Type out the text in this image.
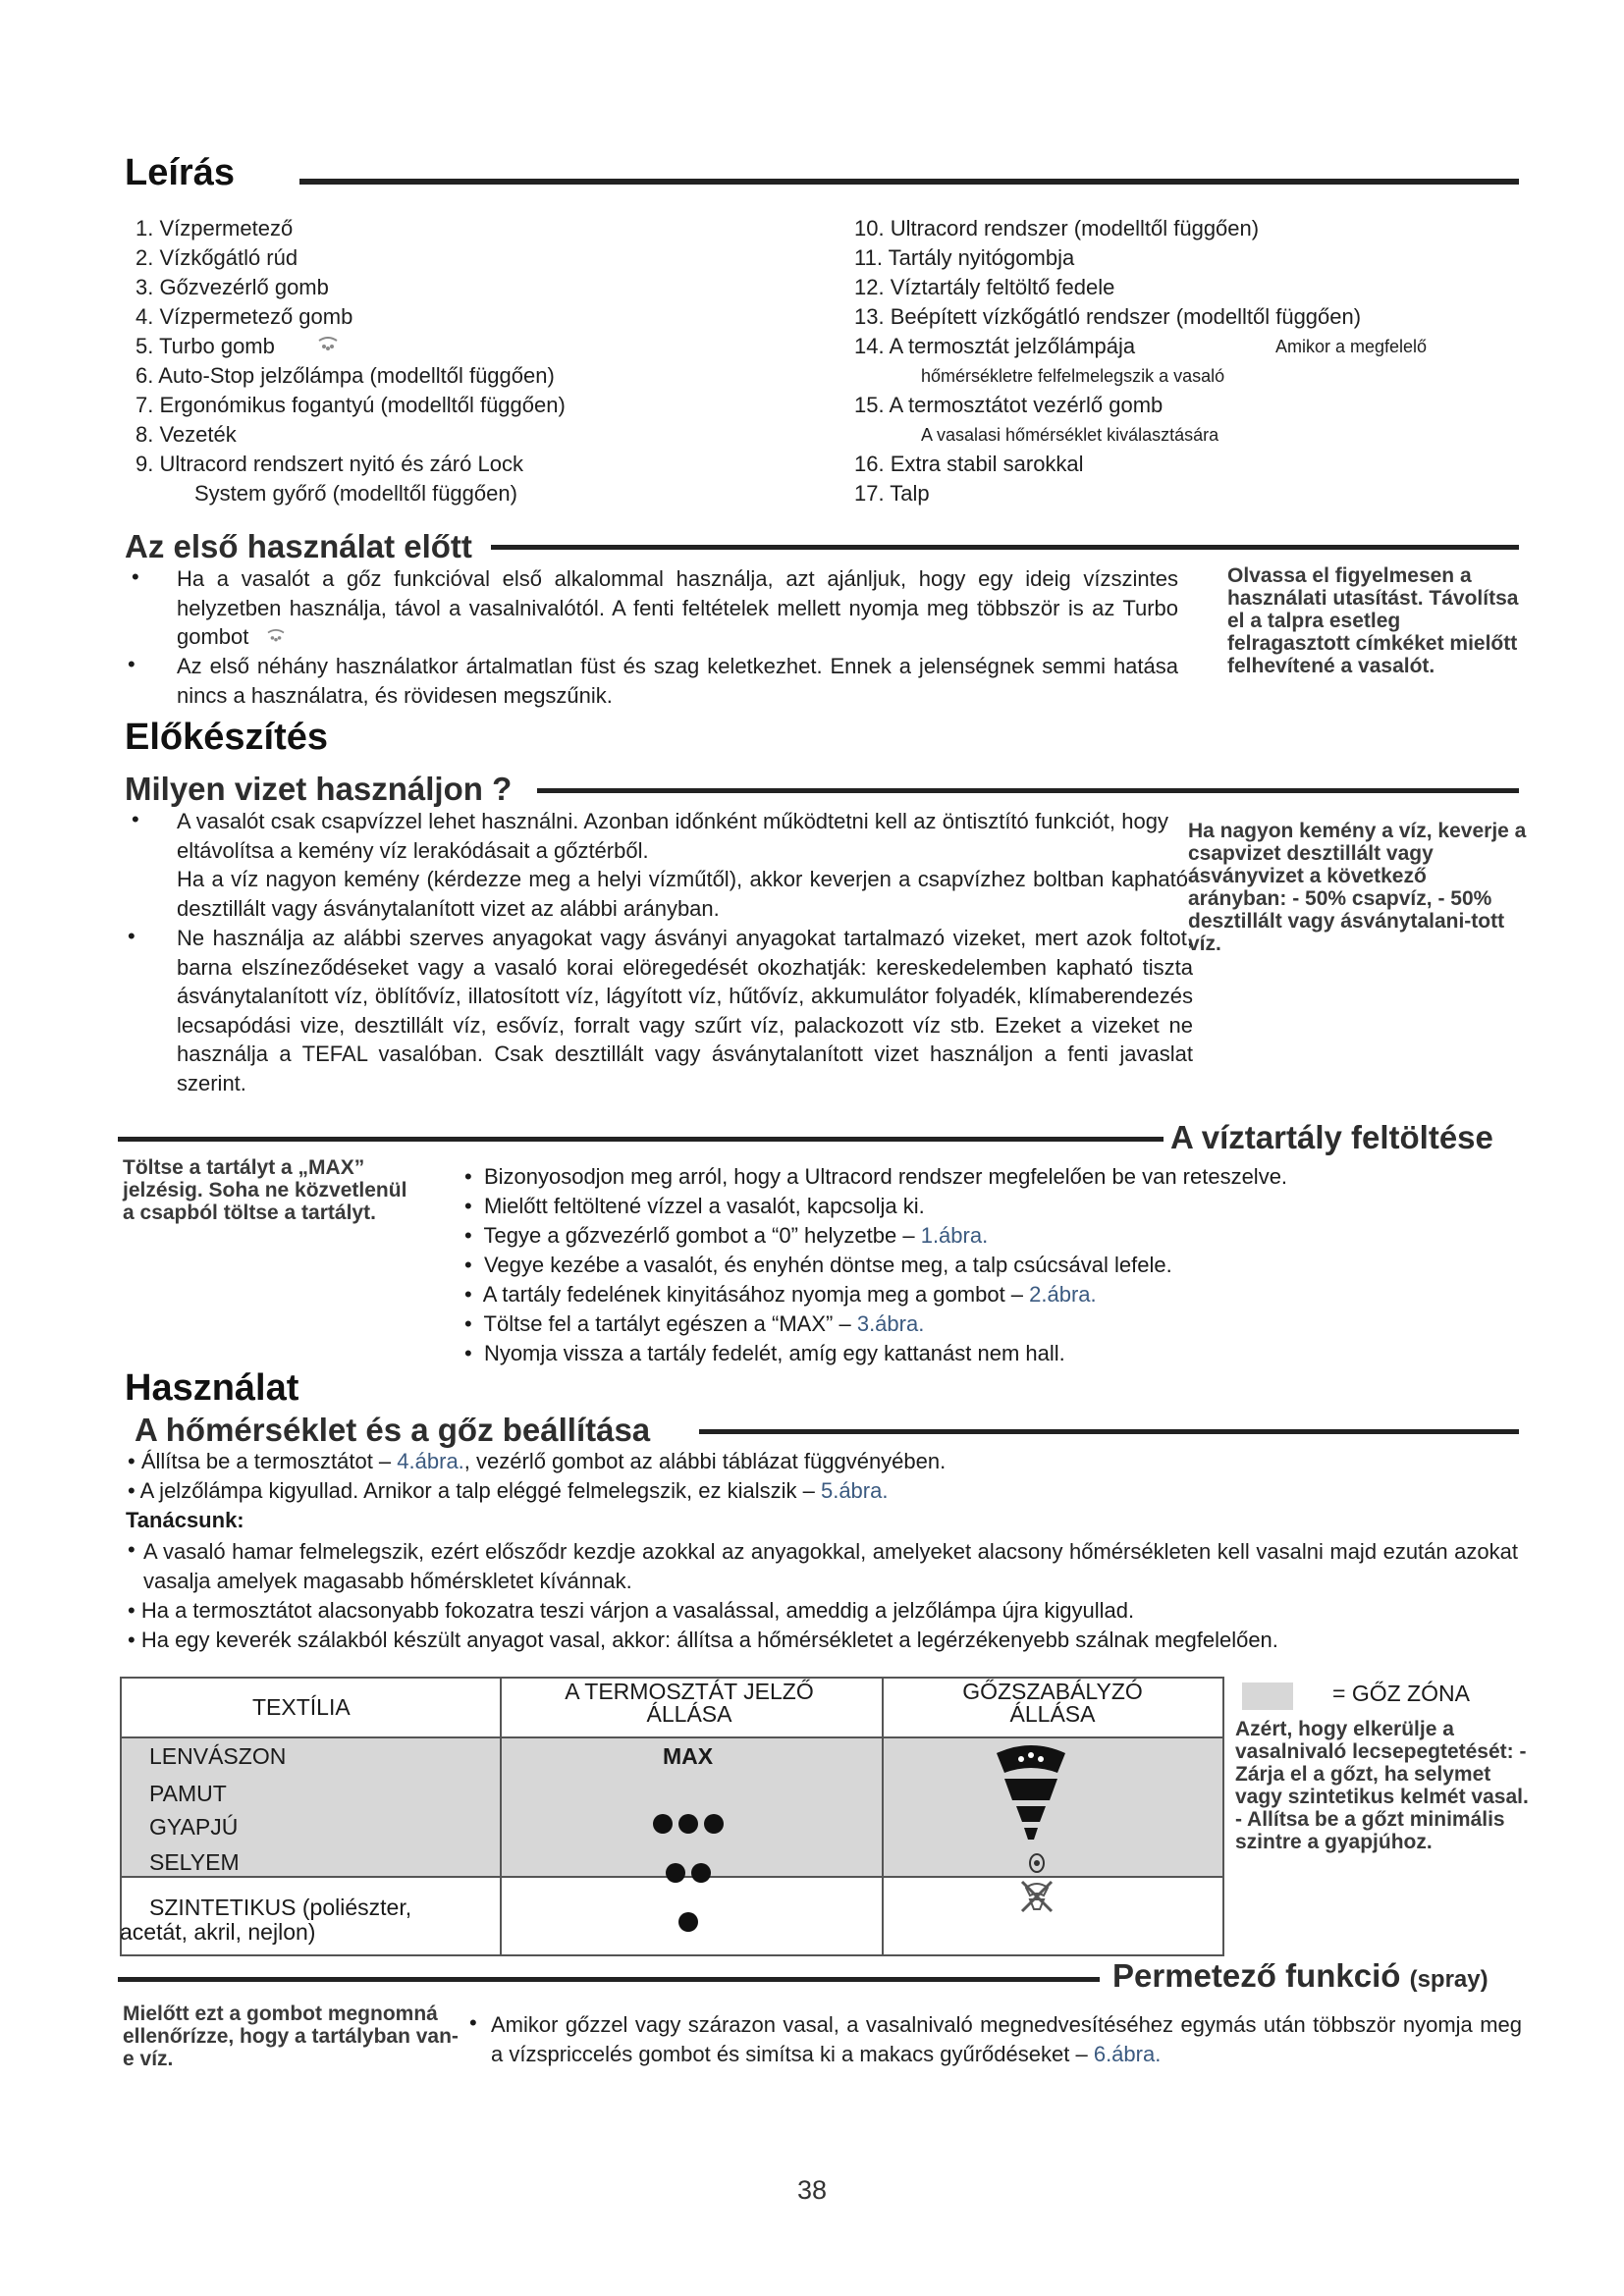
Leírás
1. Vízpermetező
2. Vízkőgátló rúd
3. Gőzvezérlő gomb
4. Vízpermetező gomb
5. Turbo gomb
6. Auto-Stop jelzőlámpa (modelltől függően)
7. Ergonómikus fogantyú (modelltől függően)
8. Vezeték
9. Ultracord rendszert nyitó és záró Lock
System győrő (modelltől függően)
10. Ultracord rendszer (modelltől függően)
11. Tartály nyitógombja
12. Víztartály feltöltő fedele
13. Beépített vízkőgátló rendszer (modelltől függően)
14. A termosztát jelzőlámpája	Amikor a megfelelő
hőmérsékletre felfelmelegszik a vasaló
15. A termosztátot vezérlő gomb
A vasalasi hőmérséklet kiválasztására
16. Extra stabil sarokkal
17. Talp
Az első használat előtt
Ha a vasalót a gőz funkcióval első alkalommal használja, azt ajánljuk, hogy egy ideig vízszintes helyzetben használja, távol a vasalnivalótól. A fenti feltételek mellett nyomja meg többször is az Turbo gombot
•
Az első néhány használatkor ártalmatlan füst és szag keletkezhet. Ennek a jelenségnek semmi hatása nincs a használatra, és rövidesen megszűnik.
•
Olvassa el figyelmesen a használati utasítást. Távolítsa el a talpra esetleg felragasztott címkéket mielőtt felhevítené a vasalót.
Előkészítés
Milyen vizet használjon ?
• A vasalót csak csapvízzel lehet használni. Azonban időnként működtetni kell az öntisztító funkciót, hogy eltávolítsa a kemény víz lerakódásait a gőztérből.
Ha a víz nagyon kemény (kérdezze meg a helyi vízműtől), akkor keverjen a csapvízhez boltban kapható desztillált vagy ásványtalanított vizet az alábbi arányban.
• Ne használja az alábbi szerves anyagokat vagy ásványi anyagokat tartalmazó vizeket, mert azok foltot, barna elszíneződéseket vagy a vasaló korai elöregedését okozhatják: kereskedelemben kapható tiszta ásványtalanított víz, öblítővíz, illatosított víz, lágyított víz, hűtővíz, akkumulátor folyadék, klímaberendezés lecsapódási vize, desztillált víz, esővíz, forralt vagy szűrt víz, palackozott víz stb. Ezeket a vizeket ne használja a TEFAL vasalóban. Csak desztillált vagy ásványtalanított vizet használjon a fenti javaslat szerint.
Ha nagyon kemény a víz, keverje a csapvizet desztillált vagy ásványvizet a következő arányban: - 50% csapvíz, - 50% desztillált vagy ásványtalani-tott víz.
A víztartály feltöltése
Töltse a tartályt a „MAX” jelzésig. Soha ne közvetlenül a csapból töltse a tartályt.
•  Bizonyosodjon meg arról, hogy a Ultracord rendszer megfelelően be van reteszelve.
•  Mielőtt feltöltené vízzel a vasalót, kapcsolja ki.
•  Tegye a gőzvezérlő gombot a “0” helyzetbe – 1.ábra.
•  Vegye kezébe a vasalót, és enyhén döntse meg, a talp csúcsával lefele.
•  A tartály fedelének kinyitásához nyomja meg a gombot – 2.ábra.
•  Töltse fel a tartályt egészen a “MAX” – 3.ábra.
•  Nyomja vissza a tartály fedelét, amíg egy kattanást nem hall.
Használat
A hőmérséklet és a gőz beállítása
• Állítsa be a termosztátot – 4.ábra., vezérlő gombot az alábbi táblázat függvényében.
• A jelzőlámpa kigyullad. Arnikor a talp eléggé felmelegszik, ez kialszik – 5.ábra.
Tanácsunk:
• A vasaló hamar felmelegszik, ezért elősződr kezdje azokkal az anyagokkal, amelyeket alacsony hőmérsékleten kell vasalni majd ezután azokat vasalja amelyek magasabb hőmérskletet kívánnak.
• Ha a termosztátot alacsonyabb fokozatra teszi várjon a vasalással, ameddig a jelzőlámpa újra kigyullad.
• Ha egy keverék szálakból készült anyagot vasal, akkor: állítsa a hőmérsékletet a legérzékenyebb szálnak megfelelően.
TEXTÍLIA
A TERMOSZTÁT JELZŐ ÁLLÁSA
GŐZSZABÁLYZÓ ÁLLÁSA
LENVÁSZON
PAMUT
GYAPJÚ
SELYEM
SZINTETIKUS (poliészter,
acetát, akril, nejlon)
MAX
= GŐZ ZÓNA
Azért, hogy elkerülje a vasalnivaló lecsepegtetését: - Zárja el a gőzt, ha selymet vagy szintetikus kelmét vasal. - Allítsa be a gőzt minimális szintre a gyapjúhoz.
Permetező funkció (spray)
Mielőtt ezt a gombot megnomná ellenőrízze, hogy a tartályban van-e víz.
• Amikor gőzzel vagy szárazon vasal, a vasalnivaló megnedvesítéséhez egymás után többször nyomja meg a vízspriccelés gombot és simítsa ki a makacs gyűrődéseket – 6.ábra.
38
